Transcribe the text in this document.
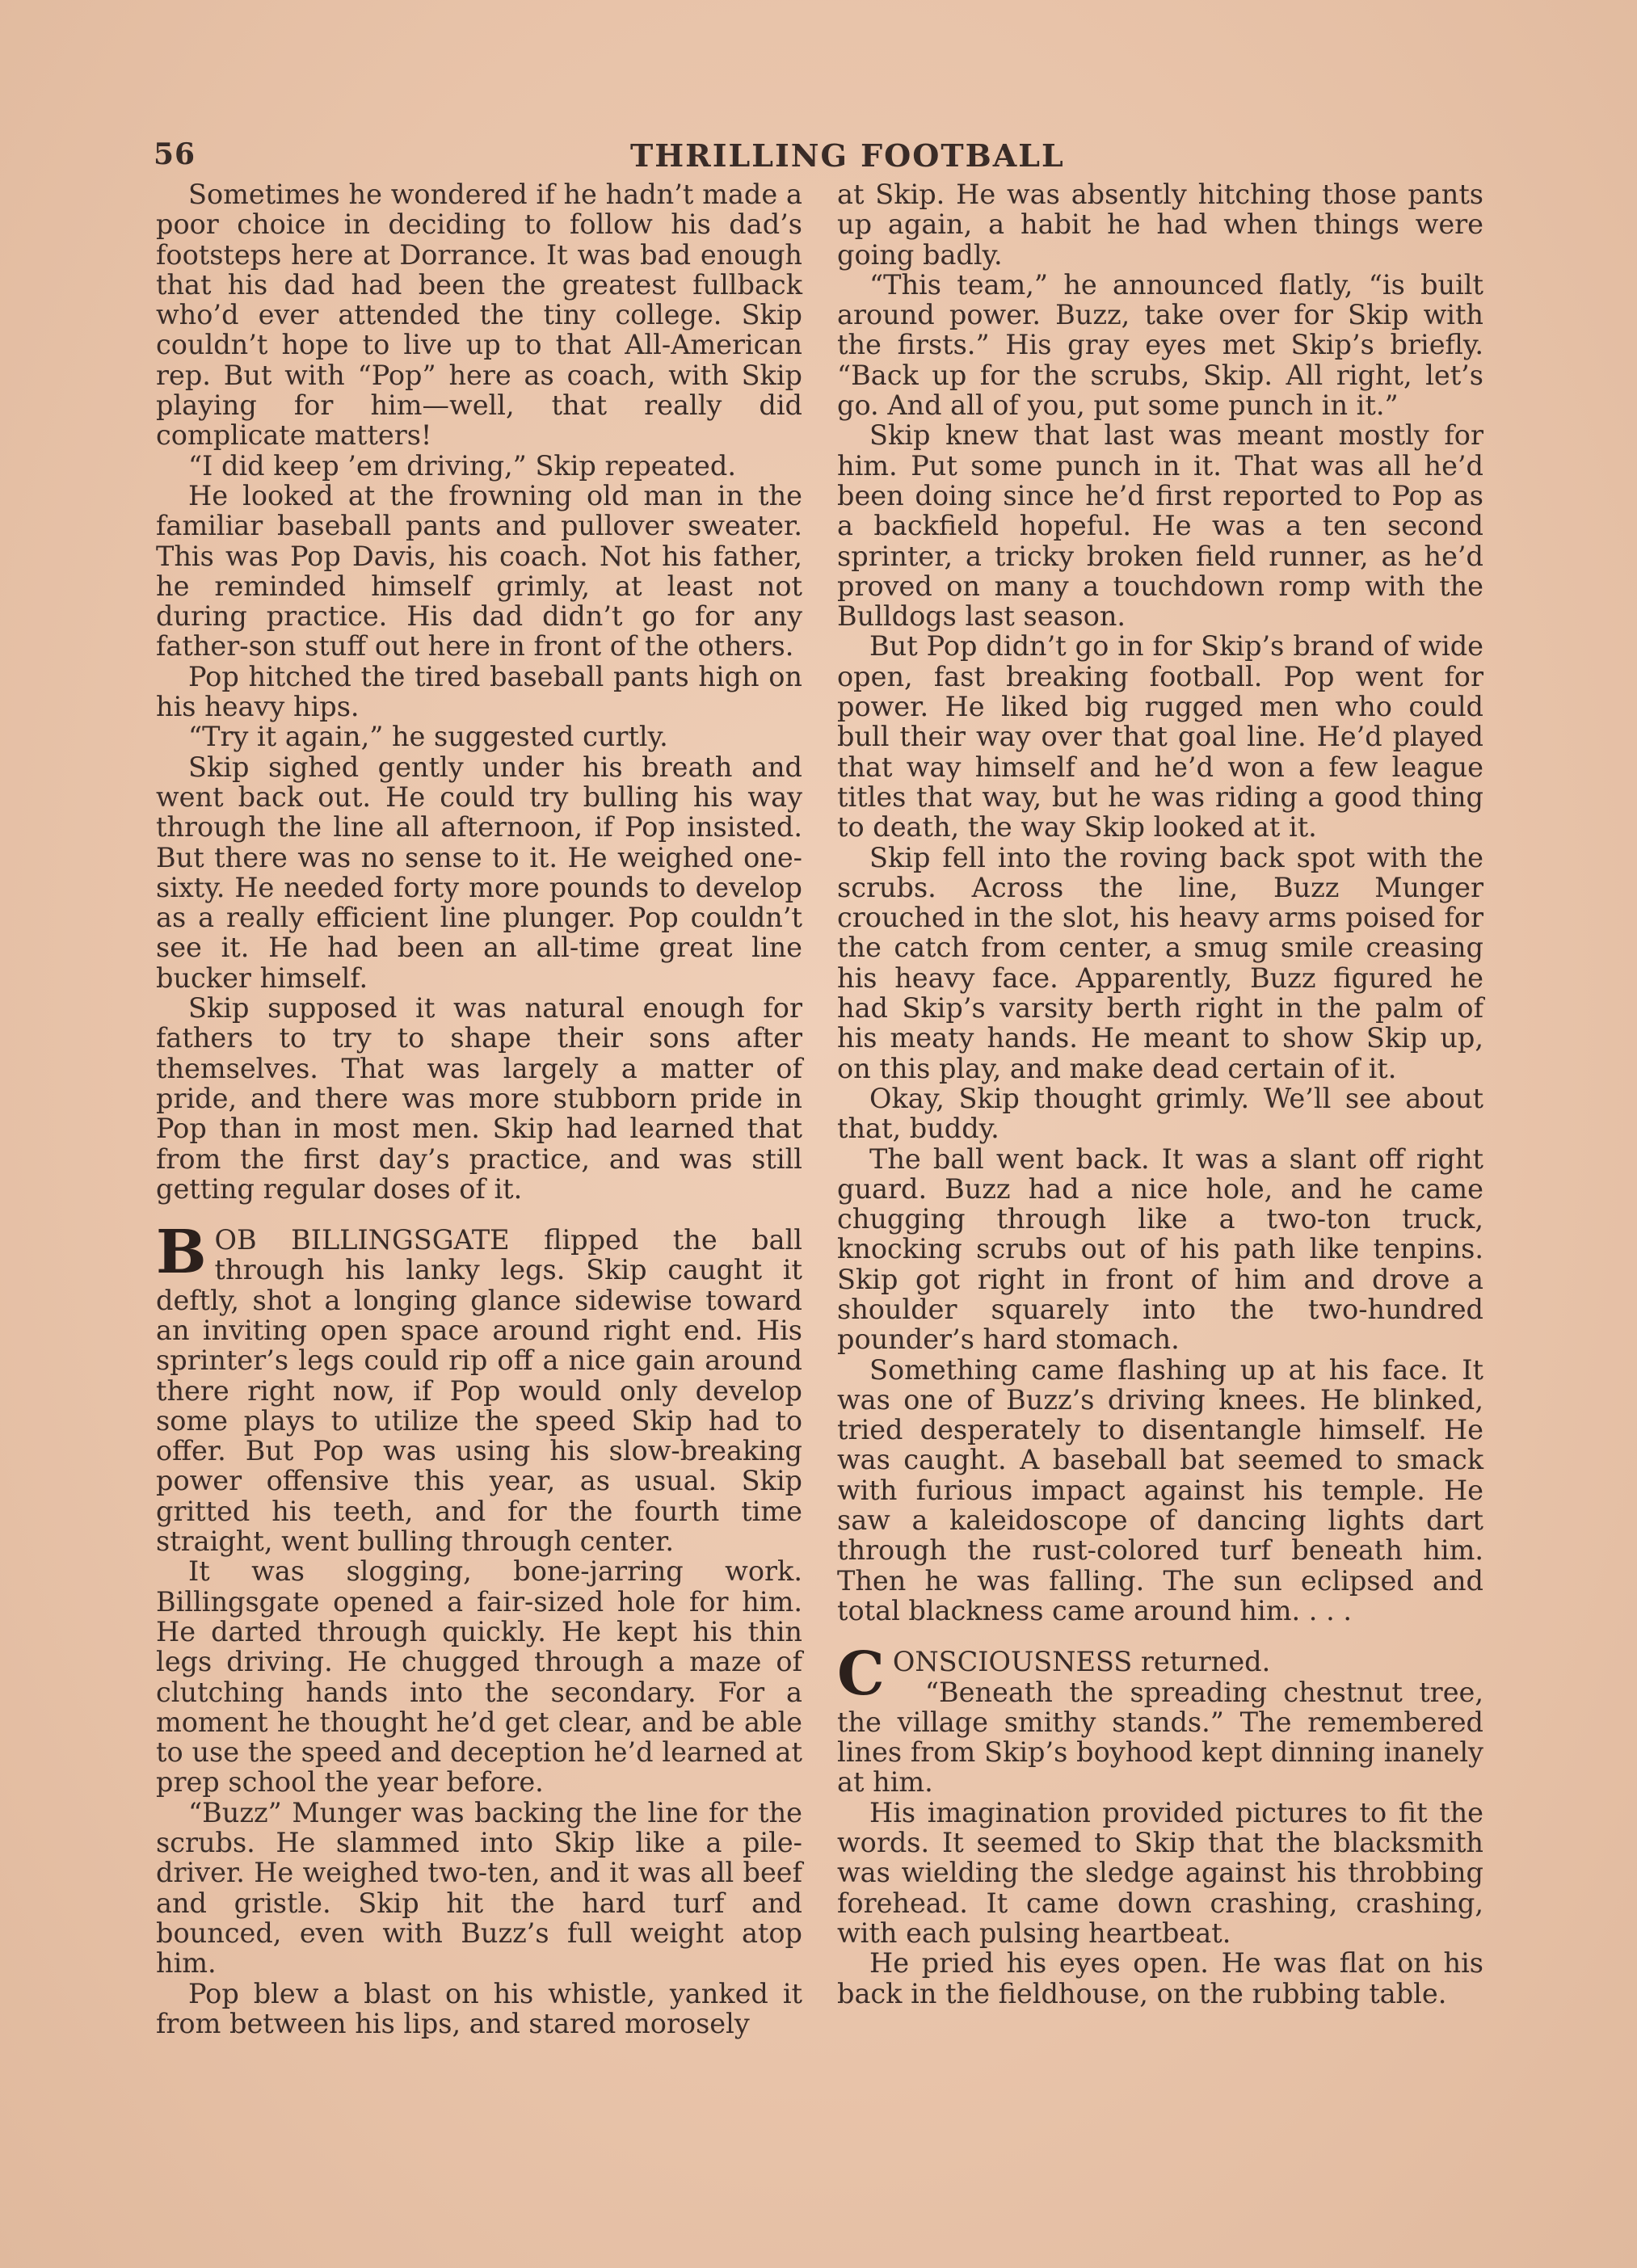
56	THRILLING FOOTBALL

Sometimes he wondered if he hadn’t made a poor choice in deciding to follow his dad’s footsteps here at Dorrance. It was bad enough that his dad had been the greatest fullback who’d ever attended the tiny college. Skip couldn’t hope to live up to that All-American rep. But with “Pop” here as coach, with Skip playing for him—well, that really did complicate matters!

“I did keep ’em driving,” Skip repeated.

He looked at the frowning old man in the familiar baseball pants and pullover sweater. This was Pop Davis, his coach. Not his father, he reminded himself grimly, at least not during practice. His dad didn’t go for any father-son stuff out here in front of the others.

Pop hitched the tired baseball pants high on his heavy hips.

“Try it again,” he suggested curtly.

Skip sighed gently under his breath and went back out. He could try bulling his way through the line all afternoon, if Pop insisted. But there was no sense to it. He weighed one-sixty. He needed forty more pounds to develop as a really efficient line plunger. Pop couldn’t see it. He had been an all-time great line bucker himself.

Skip supposed it was natural enough for fathers to try to shape their sons after themselves. That was largely a matter of pride, and there was more stubborn pride in Pop than in most men. Skip had learned that from the first day’s practice, and was still getting regular doses of it.

BOB BILLINGSGATE flipped the ball through his lanky legs. Skip caught it deftly, shot a longing glance sidewise toward an inviting open space around right end. His sprinter’s legs could rip off a nice gain around there right now, if Pop would only develop some plays to utilize the speed Skip had to offer. But Pop was using his slow-breaking power offensive this year, as usual. Skip gritted his teeth, and for the fourth time straight, went bulling through center.

It was slogging, bone-jarring work. Billingsgate opened a fair-sized hole for him. He darted through quickly. He kept his thin legs driving. He chugged through a maze of clutching hands into the secondary. For a moment he thought he’d get clear, and be able to use the speed and deception he’d learned at prep school the year before.

“Buzz” Munger was backing the line for the scrubs. He slammed into Skip like a pile-driver. He weighed two-ten, and it was all beef and gristle. Skip hit the hard turf and bounced, even with Buzz’s full weight atop him.

Pop blew a blast on his whistle, yanked it from between his lips, and stared morosely

at Skip. He was absently hitching those pants up again, a habit he had when things were going badly.

“This team,” he announced flatly, “is built around power. Buzz, take over for Skip with the firsts.” His gray eyes met Skip’s briefly. “Back up for the scrubs, Skip. All right, let’s go. And all of you, put some punch in it.”

Skip knew that last was meant mostly for him. Put some punch in it. That was all he’d been doing since he’d first reported to Pop as a backfield hopeful. He was a ten second sprinter, a tricky broken field runner, as he’d proved on many a touchdown romp with the Bulldogs last season.

But Pop didn’t go in for Skip’s brand of wide open, fast breaking football. Pop went for power. He liked big rugged men who could bull their way over that goal line. He’d played that way himself and he’d won a few league titles that way, but he was riding a good thing to death, the way Skip looked at it.

Skip fell into the roving back spot with the scrubs. Across the line, Buzz Munger crouched in the slot, his heavy arms poised for the catch from center, a smug smile creasing his heavy face. Apparently, Buzz figured he had Skip’s varsity berth right in the palm of his meaty hands. He meant to show Skip up, on this play, and make dead certain of it.

Okay, Skip thought grimly. We’ll see about that, buddy.

The ball went back. It was a slant off right guard. Buzz had a nice hole, and he came chugging through like a two-ton truck, knocking scrubs out of his path like tenpins. Skip got right in front of him and drove a shoulder squarely into the two-hundred pounder’s hard stomach.

Something came flashing up at his face. It was one of Buzz’s driving knees. He blinked, tried desperately to disentangle himself. He was caught. A baseball bat seemed to smack with furious impact against his temple. He saw a kaleidoscope of dancing lights dart through the rust-colored turf beneath him. Then he was falling. The sun eclipsed and total blackness came around him. . . .

CONSCIOUSNESS returned.

“Beneath the spreading chestnut tree, the village smithy stands.” The remembered lines from Skip’s boyhood kept dinning inanely at him.

His imagination provided pictures to fit the words. It seemed to Skip that the blacksmith was wielding the sledge against his throbbing forehead. It came down crashing, crashing, with each pulsing heartbeat.

He pried his eyes open. He was flat on his back in the fieldhouse, on the rubbing table.
